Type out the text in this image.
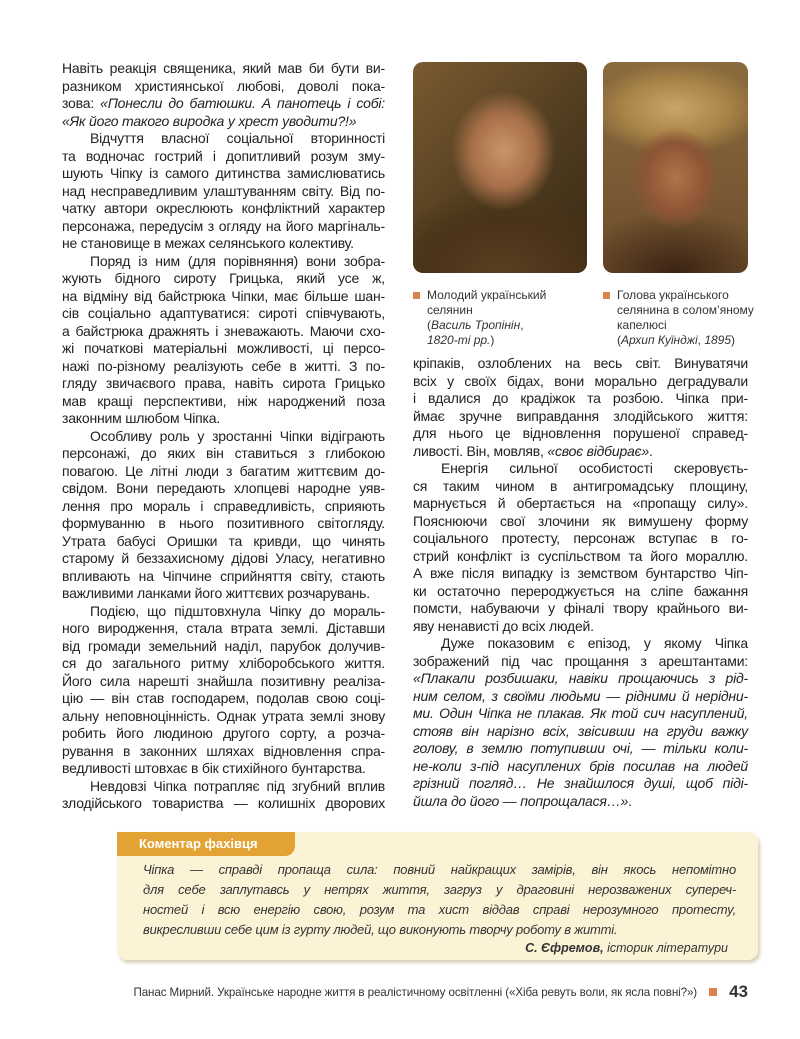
Навіть реакція священика, який мав би бути ви-
разником християнської любові, доволі пока-
зова: «Понесли до батюшки. А панотець і собі:
«Як його такого виродка у хрест уводити?!»
Відчуття власної соціальної вторинності
та водночас гострий і допитливий розум зму-
шують Чіпку із самого дитинства замислюватись
над несправедливим улаштуванням світу. Від по-
чатку автори окреслюють конфліктний характер
персонажа, передусім з огляду на його маргіналь-
не становище в межах селянського колективу.
Поряд із ним (для порівняння) вони зобра-
жують бідного сироту Грицька, який усе ж,
на відміну від байстрюка Чіпки, має більше шан-
сів соціально адаптуватися: сироті співчувають,
а байстрюка дражнять і зневажають. Маючи схо-
жі початкові матеріальні можливості, ці персо-
нажі по-різному реалізують себе в житті. З по-
гляду звичаєвого права, навіть сирота Грицько
мав кращі перспективи, ніж народжений поза
законним шлюбом Чіпка.
Особливу роль у зростанні Чіпки відіграють
персонажі, до яких він ставиться з глибокою
повагою. Це літні люди з багатим життєвим до-
свідом. Вони передають хлопцеві народне уяв-
лення про мораль і справедливість, сприяють
формуванню в нього позитивного світогляду.
Утрата бабусі Оришки та кривди, що чинять
старому й беззахисному дідові Уласу, негативно
впливають на Чіпчине сприйняття світу, стають
важливими ланками його життєвих розчарувань.
Подією, що підштовхнула Чіпку до мораль-
ного виродження, стала втрата землі. Діставши
від громади земельний наділ, парубок долучив-
ся до загального ритму хліборобського життя.
Його сила нарешті знайшла позитивну реаліза-
цію — він став господарем, подолав свою соці-
альну неповноцінність. Однак утрата землі знову
робить його людиною другого сорту, а розча-
рування в законних шляхах відновлення спра-
ведливості штовхає в бік стихійного бунтарства.
Невдовзі Чіпка потрапляє під згубний вплив
злодійського товариства — колишніх дворових
Молодий український селянин
(Василь Тропінін,
1820-ті рр.)
Голова українського селянина в солом’яному капелюсі
(Архип Куїнджі, 1895)
кріпаків, озлоблених на весь світ. Винуватячи
всіх у своїх бідах, вони морально деградували
і вдалися до крадіжок та розбою. Чіпка при-
ймає зручне виправдання злодійського життя:
для нього це відновлення порушеної справед-
ливості. Він, мовляв, «своє відбирає».
Енергія сильної особистості скеровуєть-
ся таким чином в антигромадську площину,
марнується й обертається на «пропащу силу».
Пояснюючи свої злочини як вимушену форму
соціального протесту, персонаж вступає в го-
стрий конфлікт із суспільством та його мораллю.
А вже після випадку із земством бунтарство Чіп-
ки остаточно перероджується на сліпе бажання
помсти, набуваючи у фіналі твору крайнього ви-
яву ненависті до всіх людей.
Дуже показовим є епізод, у якому Чіпка
зображений під час прощання з арештантами:
«Плакали розбишаки, навіки прощаючись з рід-
ним селом, з своїми людьми — рідними й нерідни-
ми. Один Чіпка не плакав. Як той сич насуплений,
стояв він нарізно всіх, звісивши на груди важку
голову, в землю потупивши очі, — тільки коли-
не-коли з-під насуплених брів посилав на людей
грізний погляд… Не знайшлося душі, щоб піді-
йшла до його — попрощалася…».
Коментар фахівця
Чіпка — справді пропаща сила: повний найкращих замірів, він якось непомітно
для себе заплутавсь у нетрях життя, загруз у драговині нерозважених супереч-
ностей і всю енергію свою, розум та хист віддав справі нерозумного протесту,
викресливши себе цим із гурту людей, що виконують творчу роботу в житті.
С. Єфремов, історик літератури
Панас Мирний. Українське народне життя в реалістичному освітленні («Хіба ревуть воли, як ясла повні?») 43
